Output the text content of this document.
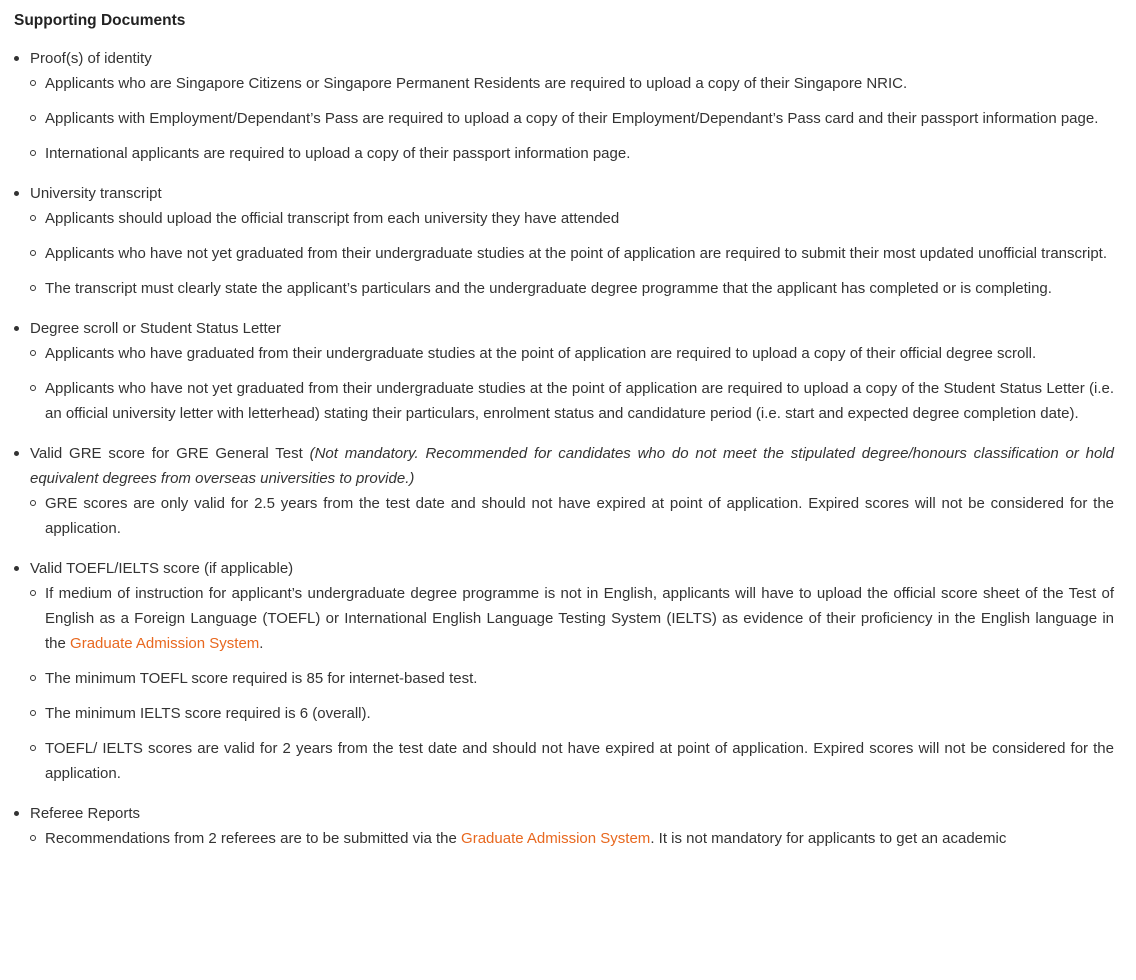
Supporting Documents
Proof(s) of identity
Applicants who are Singapore Citizens or Singapore Permanent Residents are required to upload a copy of their Singapore NRIC.
Applicants with Employment/Dependant’s Pass are required to upload a copy of their Employment/Dependant’s Pass card and their passport information page.
International applicants are required to upload a copy of their passport information page.
University transcript
Applicants should upload the official transcript from each university they have attended
Applicants who have not yet graduated from their undergraduate studies at the point of application are required to submit their most updated unofficial transcript.
The transcript must clearly state the applicant’s particulars and the undergraduate degree programme that the applicant has completed or is completing.
Degree scroll or Student Status Letter
Applicants who have graduated from their undergraduate studies at the point of application are required to upload a copy of their official degree scroll.
Applicants who have not yet graduated from their undergraduate studies at the point of application are required to upload a copy of the Student Status Letter (i.e. an official university letter with letterhead) stating their particulars, enrolment status and candidature period (i.e. start and expected degree completion date).
Valid GRE score for GRE General Test (Not mandatory. Recommended for candidates who do not meet the stipulated degree/honours classification or hold equivalent degrees from overseas universities to provide.)
GRE scores are only valid for 2.5 years from the test date and should not have expired at point of application. Expired scores will not be considered for the application.
Valid TOEFL/IELTS score (if applicable)
If medium of instruction for applicant’s undergraduate degree programme is not in English, applicants will have to upload the official score sheet of the Test of English as a Foreign Language (TOEFL) or International English Language Testing System (IELTS) as evidence of their proficiency in the English language in the Graduate Admission System.
The minimum TOEFL score required is 85 for internet-based test.
The minimum IELTS score required is 6 (overall).
TOEFL/ IELTS scores are valid for 2 years from the test date and should not have expired at point of application. Expired scores will not be considered for the application.
Referee Reports
Recommendations from 2 referees are to be submitted via the Graduate Admission System. It is not mandatory for applicants to get an academic
